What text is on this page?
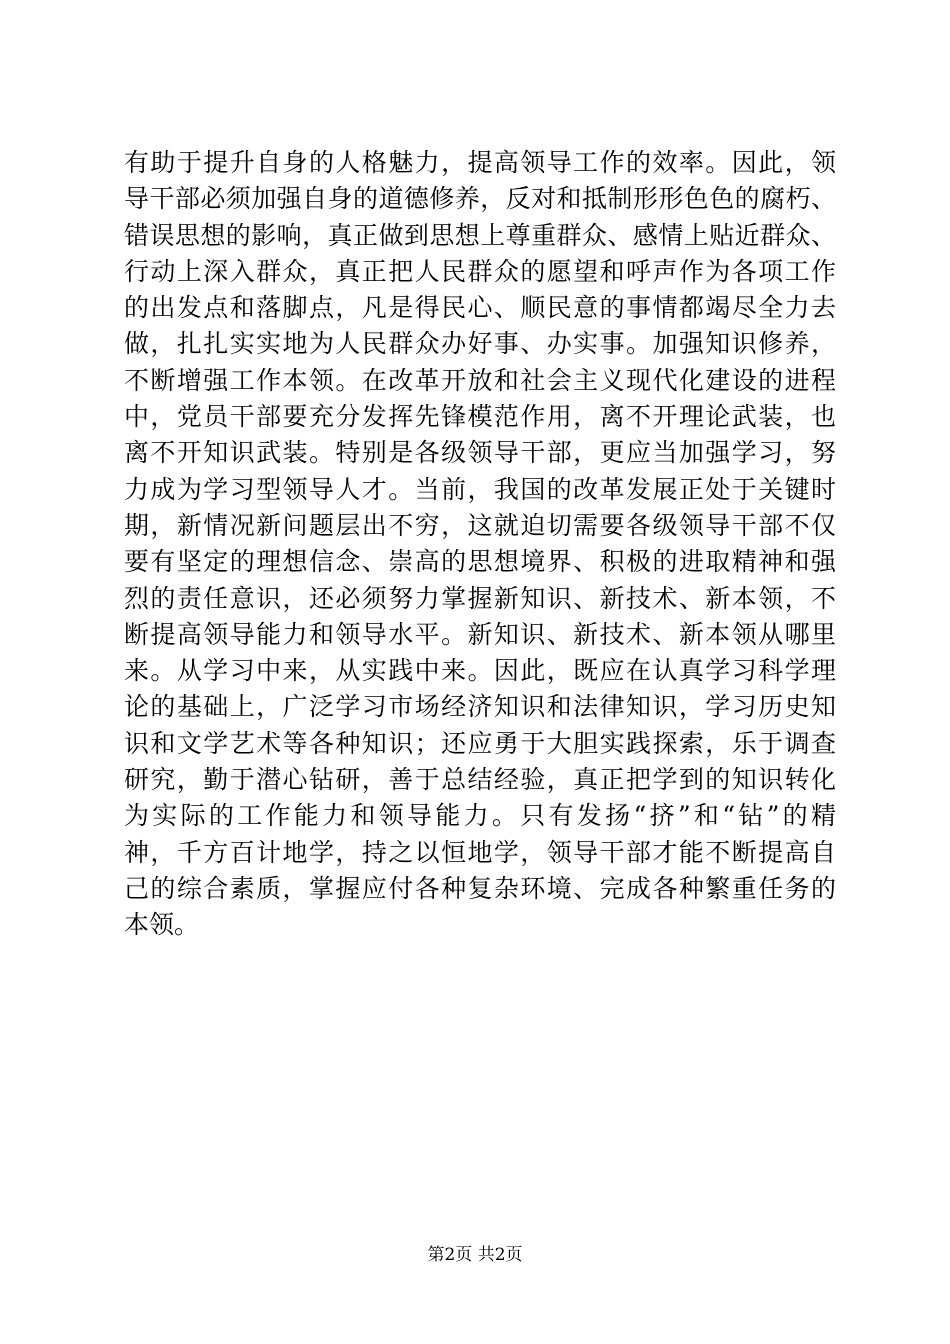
有助于提升自身的人格魅力，提高领导工作的效率。因此，领
导干部必须加强自身的道德修养，反对和抵制形形色色的腐朽、
错误思想的影响，真正做到思想上尊重群众、感情上贴近群众、
行动上深入群众，真正把人民群众的愿望和呼声作为各项工作
的出发点和落脚点，凡是得民心、顺民意的事情都竭尽全力去
做，扎扎实实地为人民群众办好事、办实事。加强知识修养，
不断增强工作本领。在改革开放和社会主义现代化建设的进程
中，党员干部要充分发挥先锋模范作用，离不开理论武装，也
离不开知识武装。特别是各级领导干部，更应当加强学习，努
力成为学习型领导人才。当前，我国的改革发展正处于关键时
期，新情况新问题层出不穷，这就迫切需要各级领导干部不仅
要有坚定的理想信念、崇高的思想境界、积极的进取精神和强
烈的责任意识，还必须努力掌握新知识、新技术、新本领，不
断提高领导能力和领导水平。新知识、新技术、新本领从哪里
来。从学习中来，从实践中来。因此，既应在认真学习科学理
论的基础上，广泛学习市场经济知识和法律知识，学习历史知
识和文学艺术等各种知识；还应勇于大胆实践探索，乐于调查
研究，勤于潜心钻研，善于总结经验，真正把学到的知识转化
为实际的工作能力和领导能力。只有发扬“挤”和“钻”的精
神，千方百计地学，持之以恒地学，领导干部才能不断提高自
己的综合素质，掌握应付各种复杂环境、完成各种繁重任务的
本领。
第2页 共2页
